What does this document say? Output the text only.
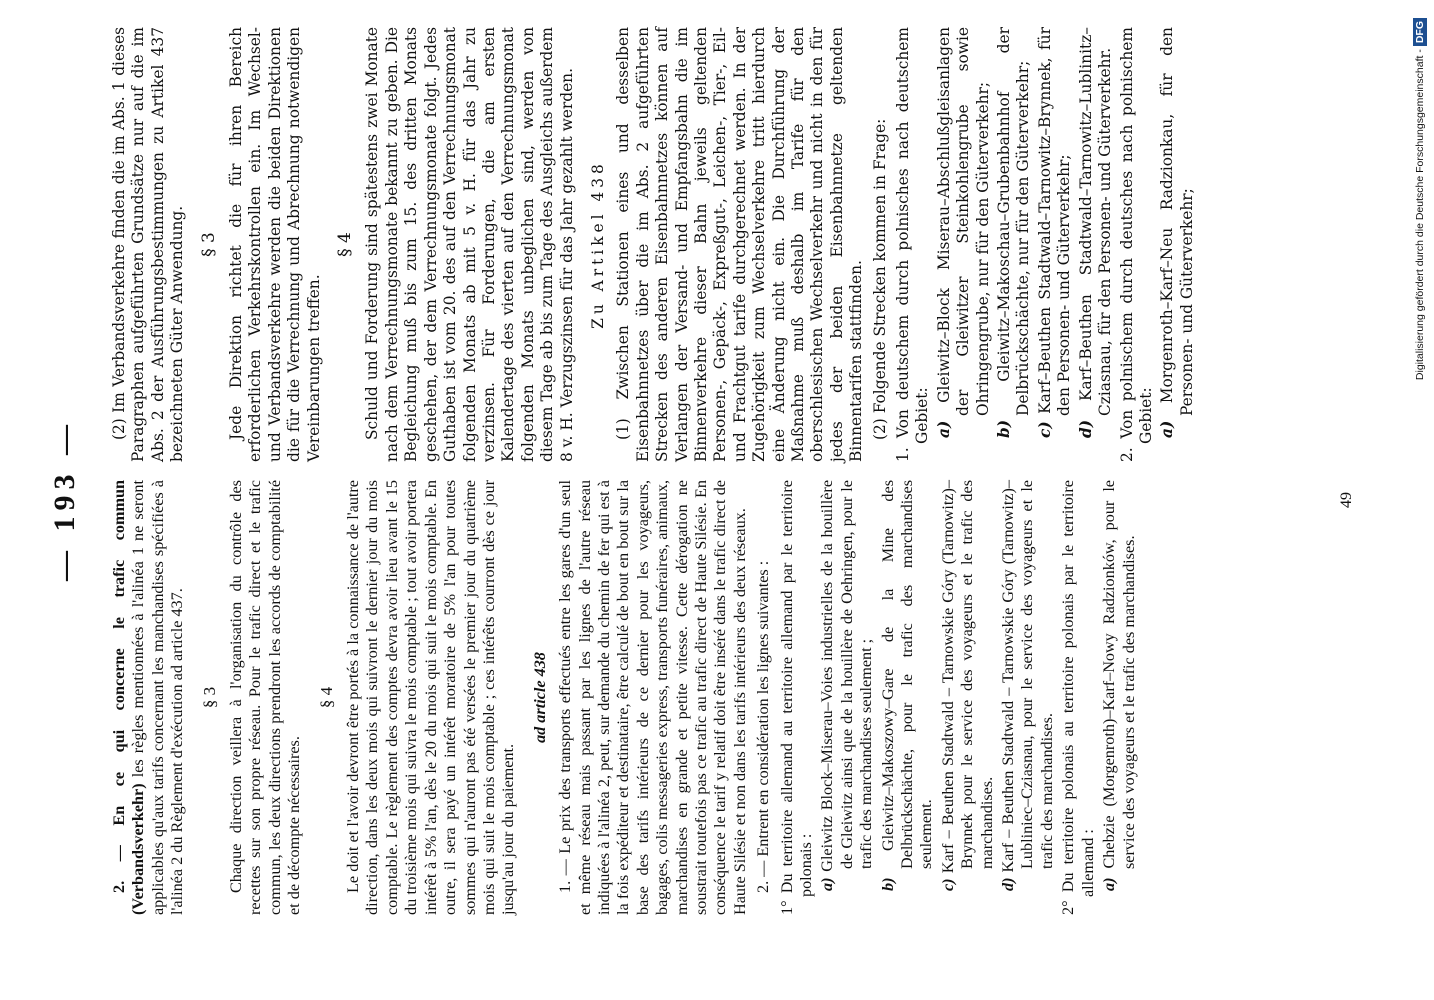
— 193 —	2. — En ce qui concerne le trafic commun (Verbandsverkehr) les règles mentionnées à l'alinéa 1 ne seront applicables qu'aux tarifs concernant les manchandises spécifiées à l'alinéa 2 du Règlement d'exécution ad article 437. § 3 Chaque direction veillera à l'organisation du contrôle des recettes sur son propre réseau. Pour le trafic direct et le trafic commun, les deux directions prendront les accords de comptabilité et de décompte nécessaires.

§ 4 Le doit et l'avoir devront être portés à la connaissance de l'autre direction, dans les deux mois qui suivront le dernier jour du mois comptable. Le règlement des comptes devra avoir lieu avant le 15 du troisième mois qui suivra le mois comptable ; tout avoir portera intérêt à 5% l'an, dès le 20 du mois qui suit le mois comptable. En outre, il sera payé un intérêt moratoire de 5% l'an pour toutes sommes qui n'auront pas été versées le premier jour du quatrième mois qui suit le mois comptable ; ces intérêts courront dès ce jour jusqu'au jour du paiement.

ad article 438 1. — Le prix des transports effectués entre les gares d'un seul et même réseau mais passant par les lignes de l'autre réseau indiquées à l'alinéa 2, peut, sur demande du chemin de fer qui est à la fois expéditeur et destinataire, être calculé de bout en bout sur la base des tarifs intérieurs de ce dernier pour les voyageurs, bagages, colis messageries express, transports funéraires, animaux, marchandises en grande et petite vitesse. Cette dérogation ne soustrait toutefois pas ce trafic au trafic direct de Haute Silésie. En conséquence le tarif y relatif doit être inséré dans le trafic direct de Haute Silésie et non dans les tarifs intérieurs des deux réseaux. 2. — Entrent en considération les lignes suivantes : 1° Du territoire allemand au territoire allemand par le territoire polonais : a) Gleiwitz Block–Miserau–Voies industrielles de la houillère de Gleiwitz ainsi que de la houillère de Oehringen, pour le trafic des marchandises seulement ;

b) Gleiwitz–Makoszowy–Gare de la Mine des Delbrückschächte, pour le trafic des marchandises seulement.

c) Karf – Beuthen Stadtwald – Tarnowskie Góry (Tarnowitz)–Brynnek pour le service des voyageurs et le trafic des marchandises.

d) Karf – Beuthen Stadtwald – Tarnowskie Góry (Tarnowitz)–Lubliniec–Cziasnau, pour le service des voyageurs et le trafic des marchandises. 2° Du territoire polonais au territoire polonais par le territoire allemand : a) Chebzie (Morgenroth)–Karf–Nowy Radzionków, pour le service des voyageurs et le trafic des marchandises.

(2) Im Verbandsverkehre finden die im Abs. 1 dieses Paragraphen aufgeführten Grundsätze nur auf die im Abs. 2 der Ausführungsbestimmungen zu Artikel 437 bezeichneten Güter Anwendung. § 3 Jede Direktion richtet die für ihren Bereich erforderlichen Verkehrskontrollen ein. Im Wechsel- und Verbandsverkehre werden die beiden Direktionen die für die Verrechnung und Abrechnung notwendigen Vereinbarungen treffen.

§ 4 Schuld und Forderung sind spätestens zwei Monate nach dem Verrechnungsmonate bekannt zu geben. Die Begleichung muß bis zum 15. des dritten Monats geschehen, der dem Verrechnungsmonate folgt. Jedes Guthaben ist vom 20. des auf den Verrechnungsmonat folgenden Monats ab mit 5 v. H. für das Jahr zu verzinsen. Für Forderungen, die am ersten Kalendertage des vierten auf den Verrechnungsmonat folgenden Monats unbeglichen sind, werden von diesem Tage ab bis zum Tage des Ausgleichs außerdem 8 v. H. Verzugszinsen für das Jahr gezahlt werden. Zu Artikel 438 (1) Zwischen Stationen eines und desselben Eisenbahnnetzes über die im Abs. 2 aufgeführten Strecken des anderen Eisenbahnnetzes können auf Verlangen der Versand- und Empfangsbahn die im Binnenverkehre dieser Bahn jeweils geltenden Personen-, Gepäck-, Expreßgut-, Leichen-, Tier-, Eil- und Frachtgut tarife durchgerechnet werden. In der Zugehörigkeit zum Wechselverkehre tritt hierdurch eine Änderung nicht ein. Die Durchführung der Maßnahme muß deshalb im Tarife für den oberschlesischen Wechselverkehr und nicht in den für jedes der beiden Eisenbahnnetze geltenden Binnentarifen stattfinden. (2) Folgende Strecken kommen in Frage: 1. Von deutschem durch polnisches nach deutschem Gebiet: a) Gleiwitz–Block Miserau–Abschlußgleisanlagen der Gleiwitzer Steinkohlengrube sowie Ohringengrube, nur für den Güterverkehr;

b) Gleiwitz–Makoschau–Grubenbahnhof der Delbrückschächte, nur für den Güterverkehr;

c) Karf–Beuthen Stadtwald–Tarnowitz–Brynnek, für den Personen- und Güterverkehr;

d) Karf–Beuthen Stadtwald–Tarnowitz–Lublinitz–Cziasnau, für den Personen- und Güterverkehr. 2. Von polnischem durch deutsches nach polnischem Gebiet: a) Morgenroth–Karf–Neu Radzionkau, für den Personen- und Güterverkehr;

49
Digitalisierung gefördert durch die Deutsche Forschungsgemeinschaft -DFG
